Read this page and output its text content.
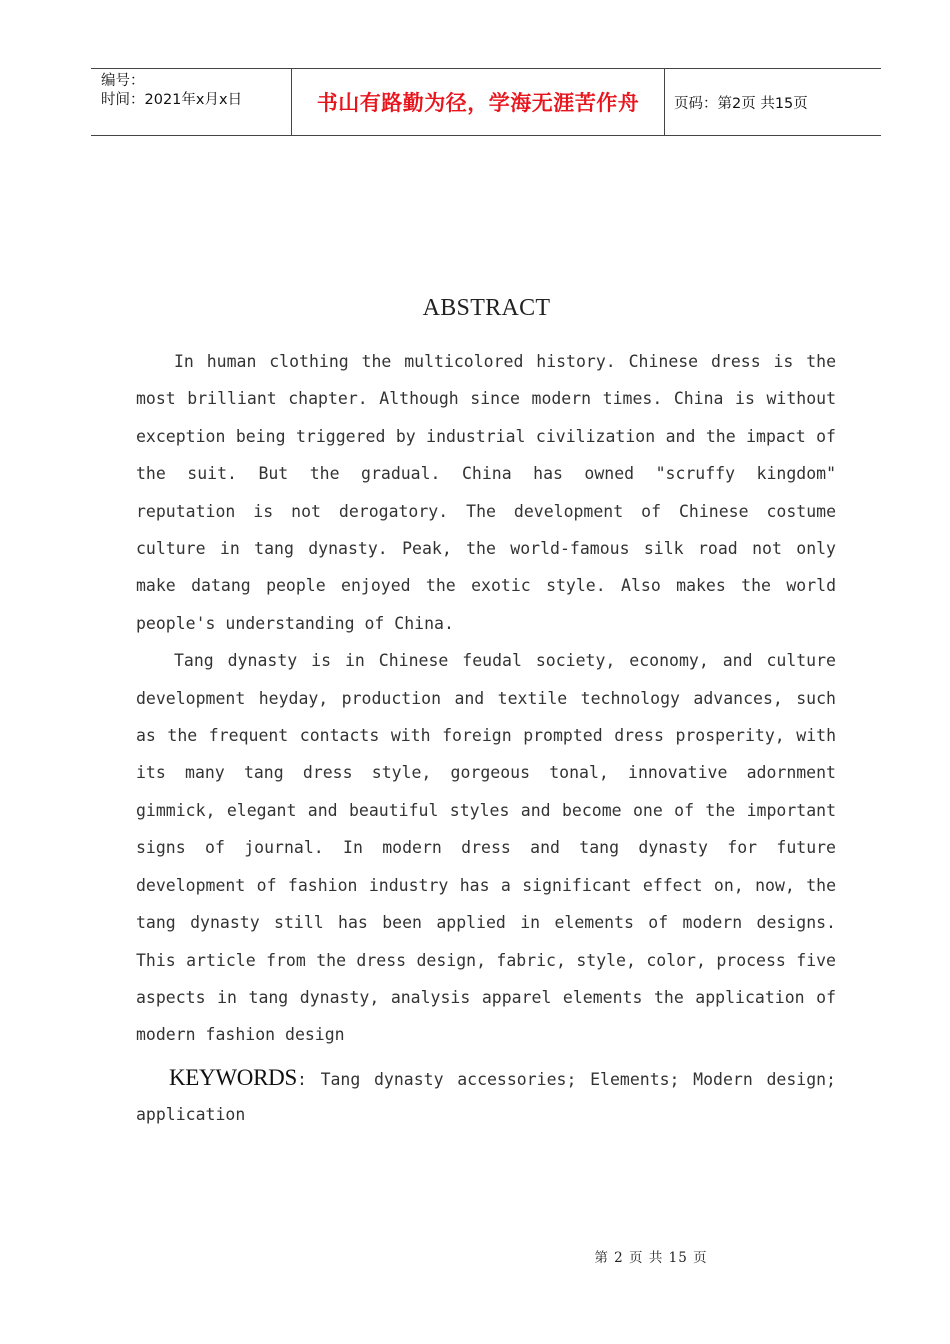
编号：
时间：2021年x月x日	书山有路勤为径，学海无涯苦作舟	页码：第2页 共15页
ABSTRACT

In human clothing the multicolored history. Chinese dress is the most brilliant chapter. Although since modern times. China is without exception being triggered by industrial civilization and the impact of the suit. But the gradual. China has owned "scruffy kingdom" reputation is not derogatory. The development of Chinese costume culture in tang dynasty. Peak, the world-famous silk road not only make datang people enjoyed the exotic style. Also makes the world people's understanding of China.

Tang dynasty is in Chinese feudal society, economy, and culture development heyday, production and textile technology advances, such as the frequent contacts with foreign prompted dress prosperity, with its many tang dress style, gorgeous tonal, innovative adornment gimmick, elegant and beautiful styles and become one of the important signs of journal. In modern dress and tang dynasty for future development of fashion industry has a significant effect on, now, the tang dynasty still has been applied in elements of modern designs. This article from the dress design, fabric, style, color, process five aspects in tang dynasty, analysis apparel elements the application of modern fashion design

KEYWORDS: Tang dynasty accessories; Elements; Modern design; application
第 2 页 共 15 页
